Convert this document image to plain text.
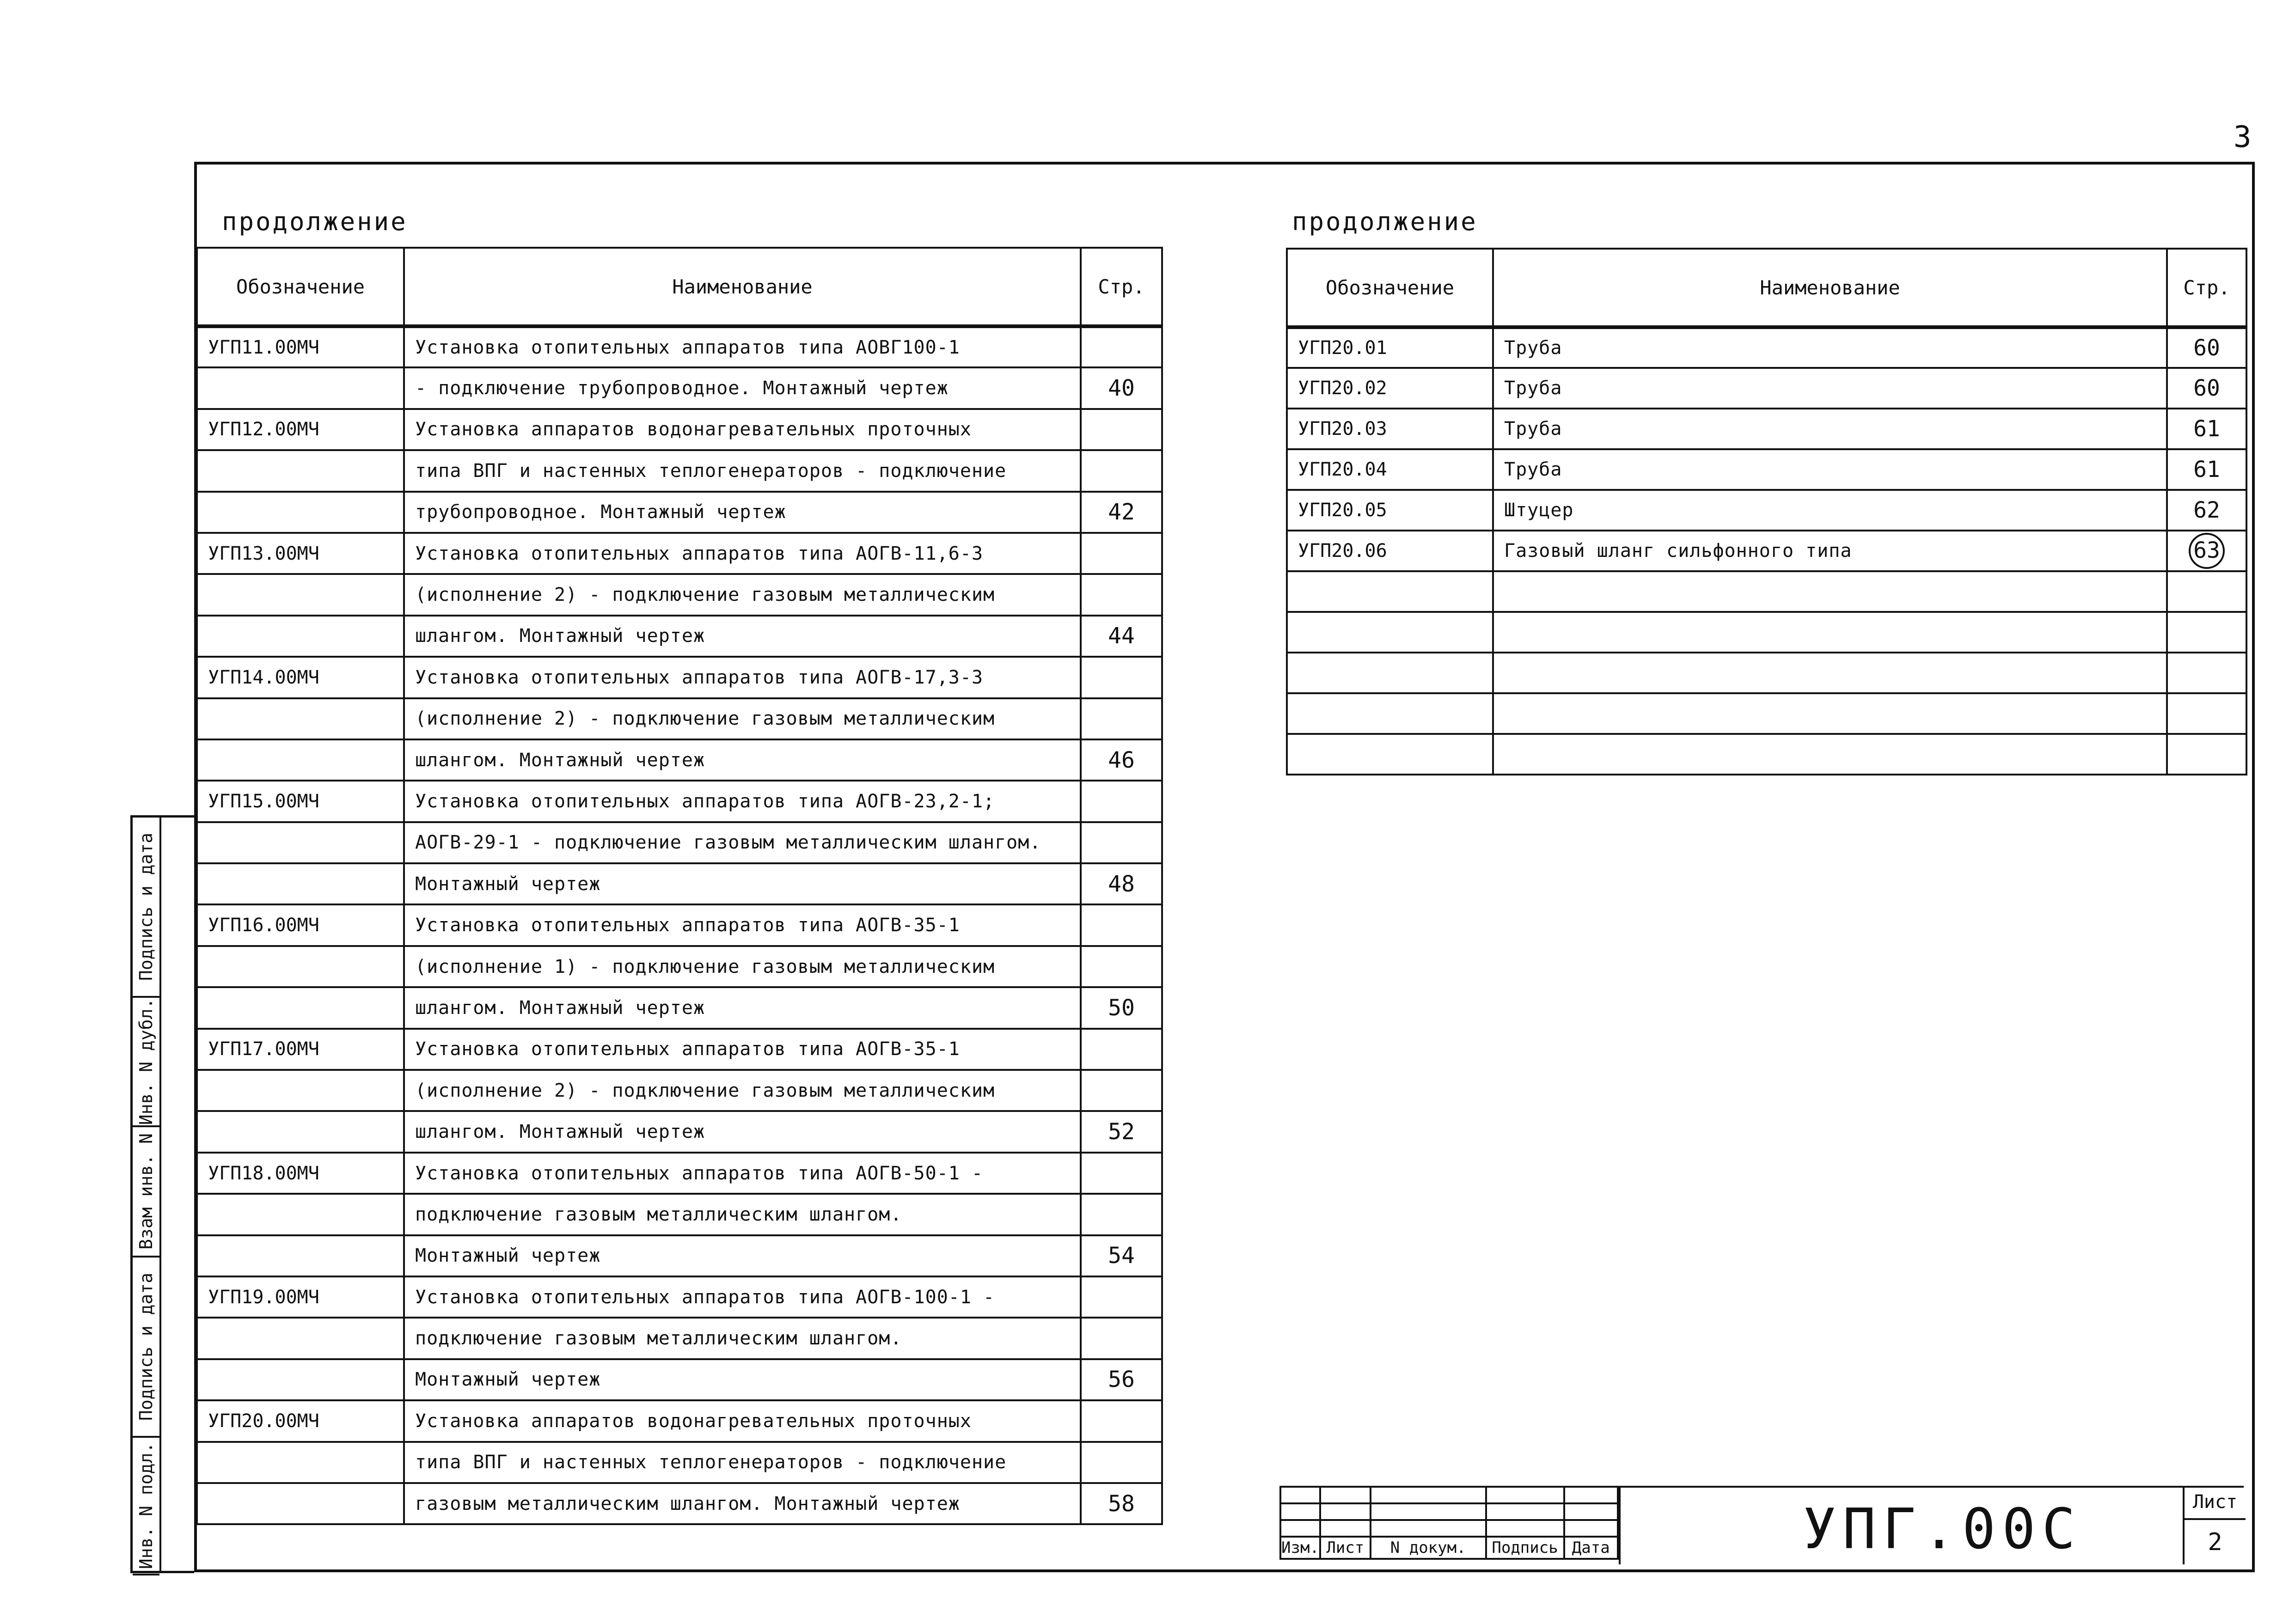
3
продолжение	продолжение
Обозначение	Наименование	Стр.
УГП11.00МЧ	Установка отопительных аппаратов типа АОВГ100-1	
	- подключение трубопроводное. Монтажный чертеж	40
УГП12.00МЧ	Установка аппаратов водонагревательных проточных	
	типа ВПГ и настенных теплогенераторов - подключение	
	трубопроводное. Монтажный чертеж	42
УГП13.00МЧ	Установка отопительных аппаратов типа АОГВ-11,6-3	
	(исполнение 2) - подключение газовым металлическим	
	шлангом. Монтажный чертеж	44
УГП14.00МЧ	Установка отопительных аппаратов типа АОГВ-17,3-3	
	(исполнение 2) - подключение газовым металлическим	
	шлангом. Монтажный чертеж	46
УГП15.00МЧ	Установка отопительных аппаратов типа АОГВ-23,2-1;	
	АОГВ-29-1 - подключение газовым металлическим шлангом.	
	Монтажный чертеж	48
УГП16.00МЧ	Установка отопительных аппаратов типа АОГВ-35-1	
	(исполнение 1) - подключение газовым металлическим	
	шлангом. Монтажный чертеж	50
УГП17.00МЧ	Установка отопительных аппаратов типа АОГВ-35-1	
	(исполнение 2) - подключение газовым металлическим	
	шлангом. Монтажный чертеж	52
УГП18.00МЧ	Установка отопительных аппаратов типа АОГВ-50-1 -	
	подключение газовым металлическим шлангом.	
	Монтажный чертеж	54
УГП19.00МЧ	Установка отопительных аппаратов типа АОГВ-100-1 -	
	подключение газовым металлическим шлангом.	
	Монтажный чертеж	56
УГП20.00МЧ	Установка аппаратов водонагревательных проточных	
	типа ВПГ и настенных теплогенераторов - подключение	
	газовым металлическим шлангом. Монтажный чертеж	58
Обозначение	Наименование	Стр.
УГП20.01	Труба	60
УГП20.02	Труба	60
УГП20.03	Труба	61
УГП20.04	Труба	61
УГП20.05	Штуцер	62
УГП20.06	Газовый шланг сильфонного типа	63

Подпись и дата
Инв. N дубл.
Взам инв. N
Подпись и дата
Инв. N подл.

					Изм.	Лист	N докум.	Подпись	Дата	УПГ.00С	Лист
2
